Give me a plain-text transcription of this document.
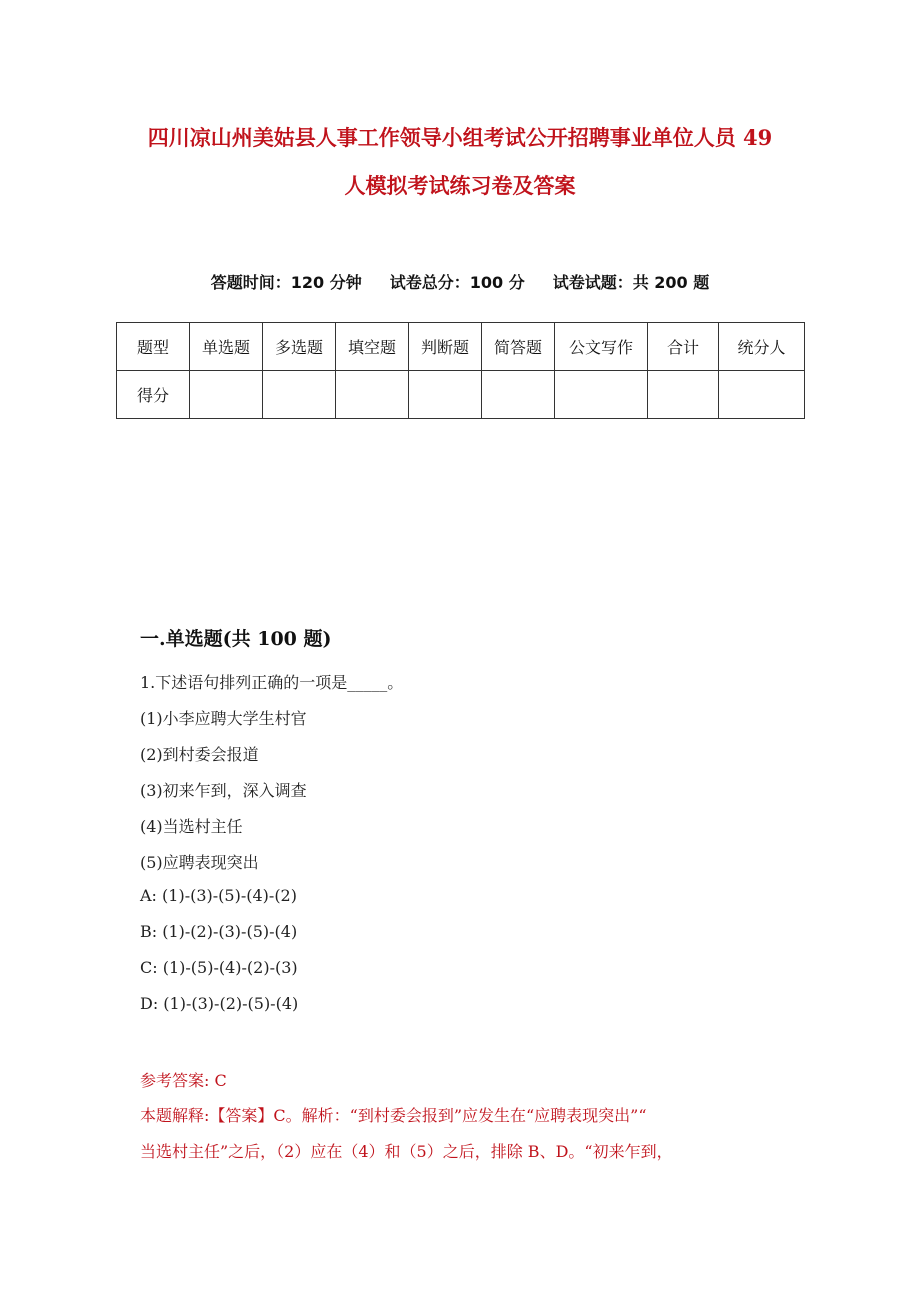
四川凉山州美姑县人事工作领导小组考试公开招聘事业单位人员 49
人模拟考试练习卷及答案
答题时间：120 分钟 试卷总分：100 分 试卷试题：共 200 题
题型	单选题	多选题	填空题	判断题	简答题	公文写作	合计	统分人
得分								
一.单选题(共 100 题)
1.下述语句排列正确的一项是_____。
(1)小李应聘大学生村官
(2)到村委会报道
(3)初来乍到，深入调查
(4)当选村主任
(5)应聘表现突出
A: (1)-(3)-(5)-(4)-(2)
B: (1)-(2)-(3)-(5)-(4)
C: (1)-(5)-(4)-(2)-(3)
D: (1)-(3)-(2)-(5)-(4)
参考答案: C
本题解释:【答案】C。解析：“到村委会报到”应发生在“应聘表现突出”“
当选村主任”之后，（2）应在（4）和（5）之后，排除 B、D。“初来乍到，
